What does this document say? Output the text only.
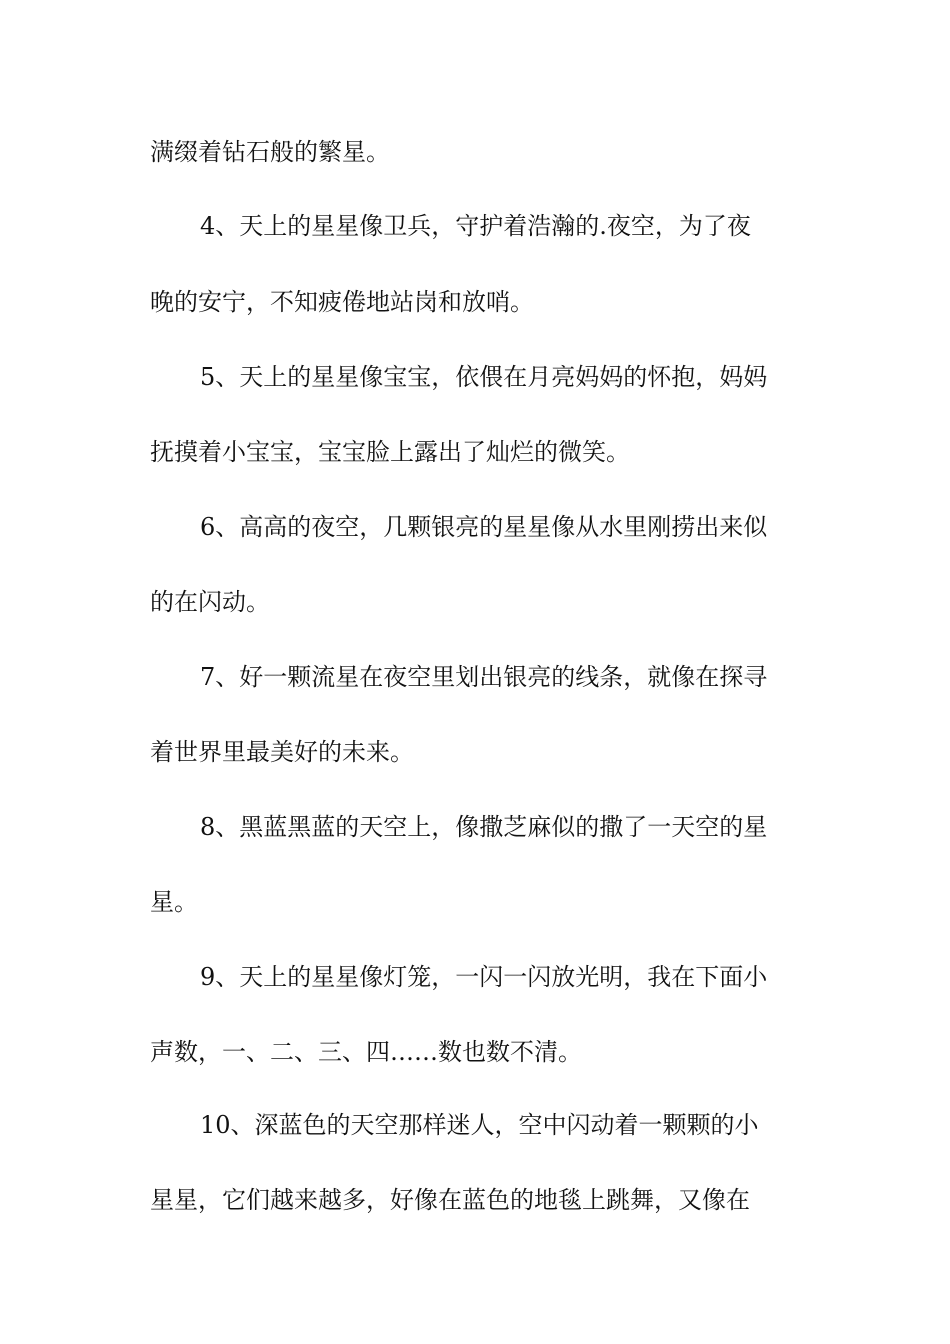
满缀着钻石般的繁星。
4、天上的星星像卫兵，守护着浩瀚的.夜空，为了夜
晚的安宁，不知疲倦地站岗和放哨。
5、天上的星星像宝宝，依偎在月亮妈妈的怀抱，妈妈
抚摸着小宝宝，宝宝脸上露出了灿烂的微笑。
6、高高的夜空，几颗银亮的星星像从水里刚捞出来似
的在闪动。
7、好一颗流星在夜空里划出银亮的线条，就像在探寻
着世界里最美好的未来。
8、黑蓝黑蓝的天空上，像撒芝麻似的撒了一天空的星
星。
9、天上的星星像灯笼，一闪一闪放光明，我在下面小
声数，一、二、三、四……数也数不清。
10、深蓝色的天空那样迷人，空中闪动着一颗颗的小
星星，它们越来越多，好像在蓝色的地毯上跳舞，又像在
